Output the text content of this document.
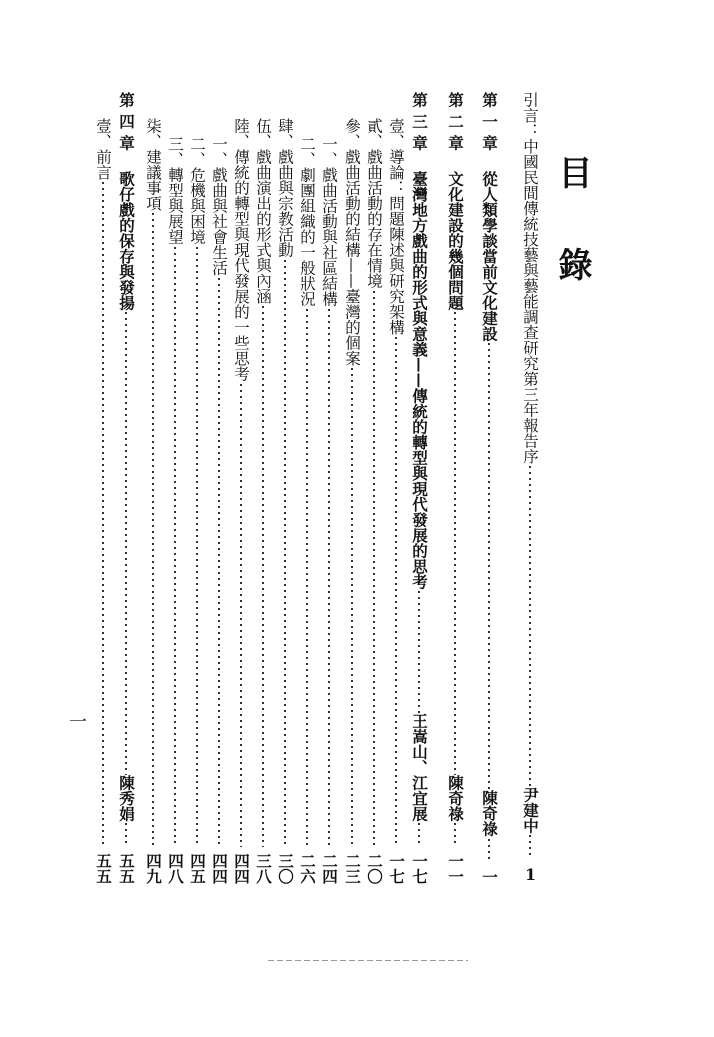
目錄
引言：中國民間傳統技藝與藝能調查研究第三年報告序
尹建中
1
第一章
從人類學談當前文化建設
陳奇祿
一
第二章
文化建設的幾個問題
陳奇祿
一一
第三章
臺灣地方戲曲的形式與意義——傳統的轉型與現代發展的思考
王嵩山、江宜展
一七
壹、導論：問題陳述與研究架構
一七
貳、戲曲活動的存在情境
二〇
參、戲曲活動的結構——臺灣的個案
二三
一、戲曲活動與社區結構
二四
二、劇團組織的一般狀況
二六
肆、戲曲與宗教活動
三〇
伍、戲曲演出的形式與內涵
三八
陸、傳統的轉型與現代發展的一些思考
四四
一、戲曲與社會生活
四四
二、危機與困境
四五
三、轉型與展望
四八
柒、建議事項
四九
第四章
歌仔戲的保存與發揚
陳秀娟
五五
壹、前言
五五
一
